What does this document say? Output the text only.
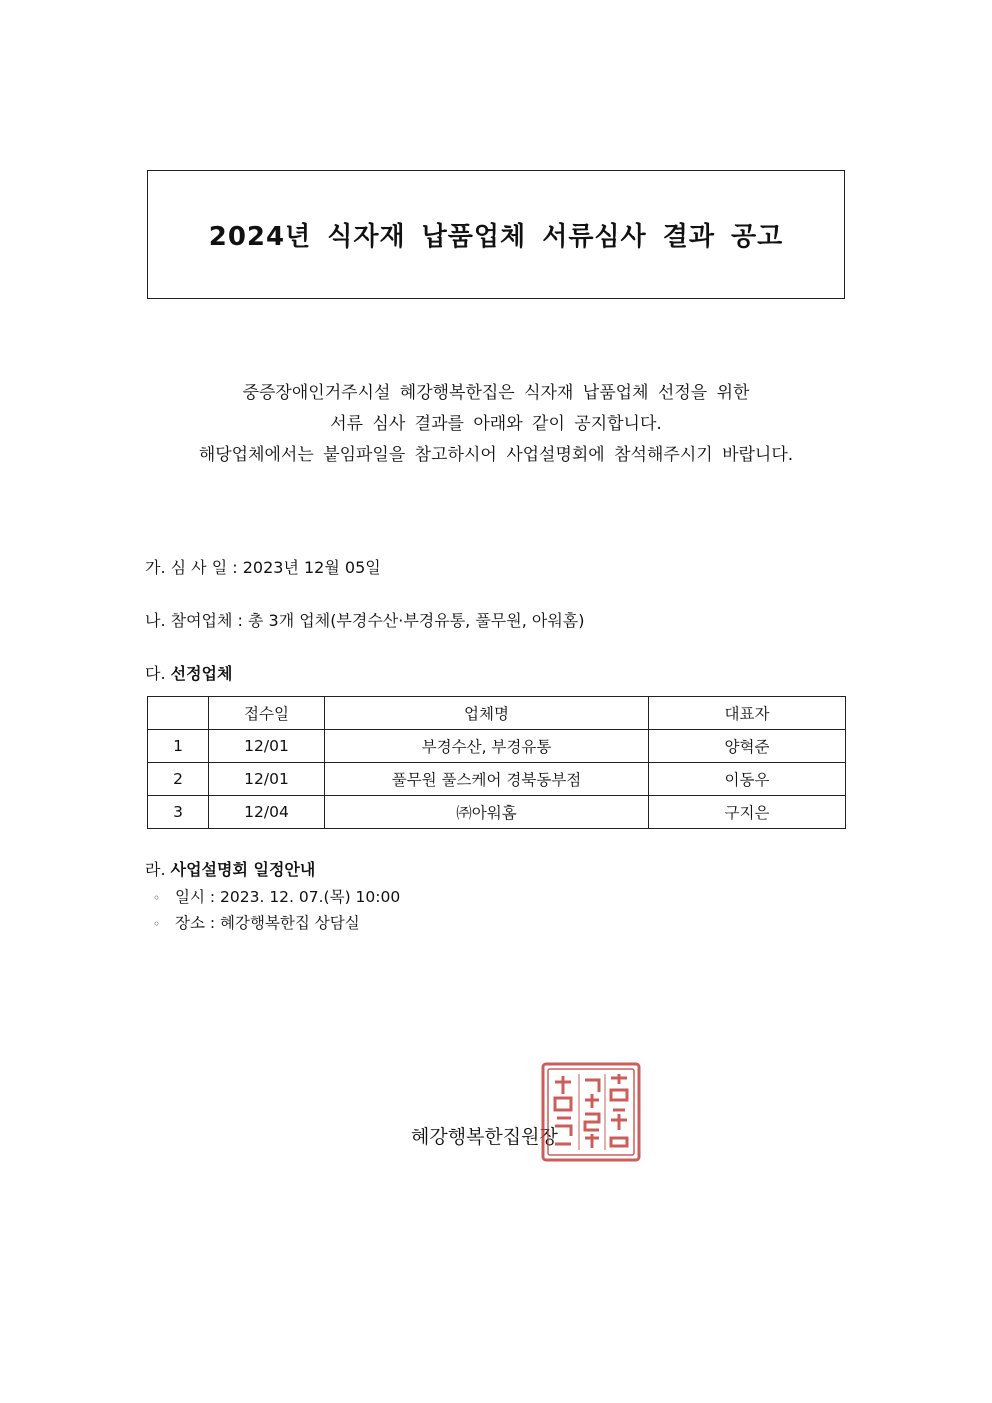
2024년 식자재 납품업체 서류심사 결과 공고
중증장애인거주시설 혜강행복한집은 식자재 납품업체 선정을 위한
서류 심사 결과를 아래와 같이 공지합니다.
해당업체에서는 붙임파일을 참고하시어 사업설명회에 참석해주시기 바랍니다.
가. 심 사 일 : 2023년 12월 05일
나. 참여업체 : 총 3개 업체(부경수산·부경유통, 풀무원, 아워홈)
다. 선정업체
	접수일	업체명	대표자
1	12/01	부경수산, 부경유통	양혁준
2	12/01	풀무원 풀스케어 경북동부점	이동우
3	12/04	㈜아워홈	구지은
라. 사업설명회 일정안내
◦ 일시 : 2023. 12. 07.(목) 10:00
◦ 장소 : 혜강행복한집 상담실
혜강행복한집원장
